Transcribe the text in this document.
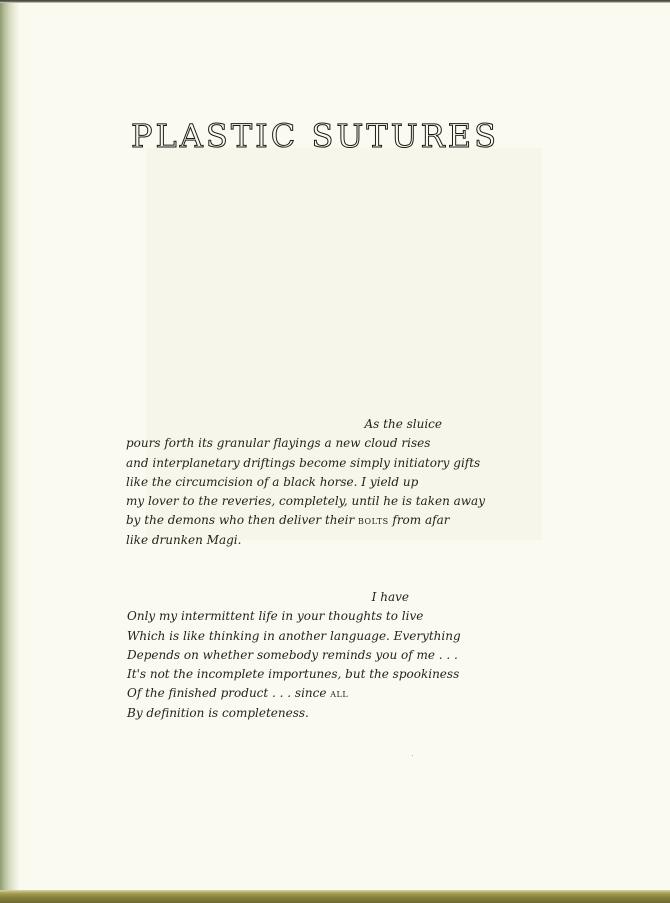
PLASTIC SUTURES
As the sluice
pours forth its granular flayings a new cloud rises
and interplanetary driftings become simply initiatory gifts
like the circumcision of a black horse. I yield up
my lover to the reveries, completely, until he is taken away
by the demons who then deliver their bolts from afar
like drunken Magi.
I have
Only my intermittent life in your thoughts to live
Which is like thinking in another language. Everything
Depends on whether somebody reminds you of me . . .
It's not the incomplete importunes, but the spookiness
Of the finished product . . . since all
By definition is completeness.
